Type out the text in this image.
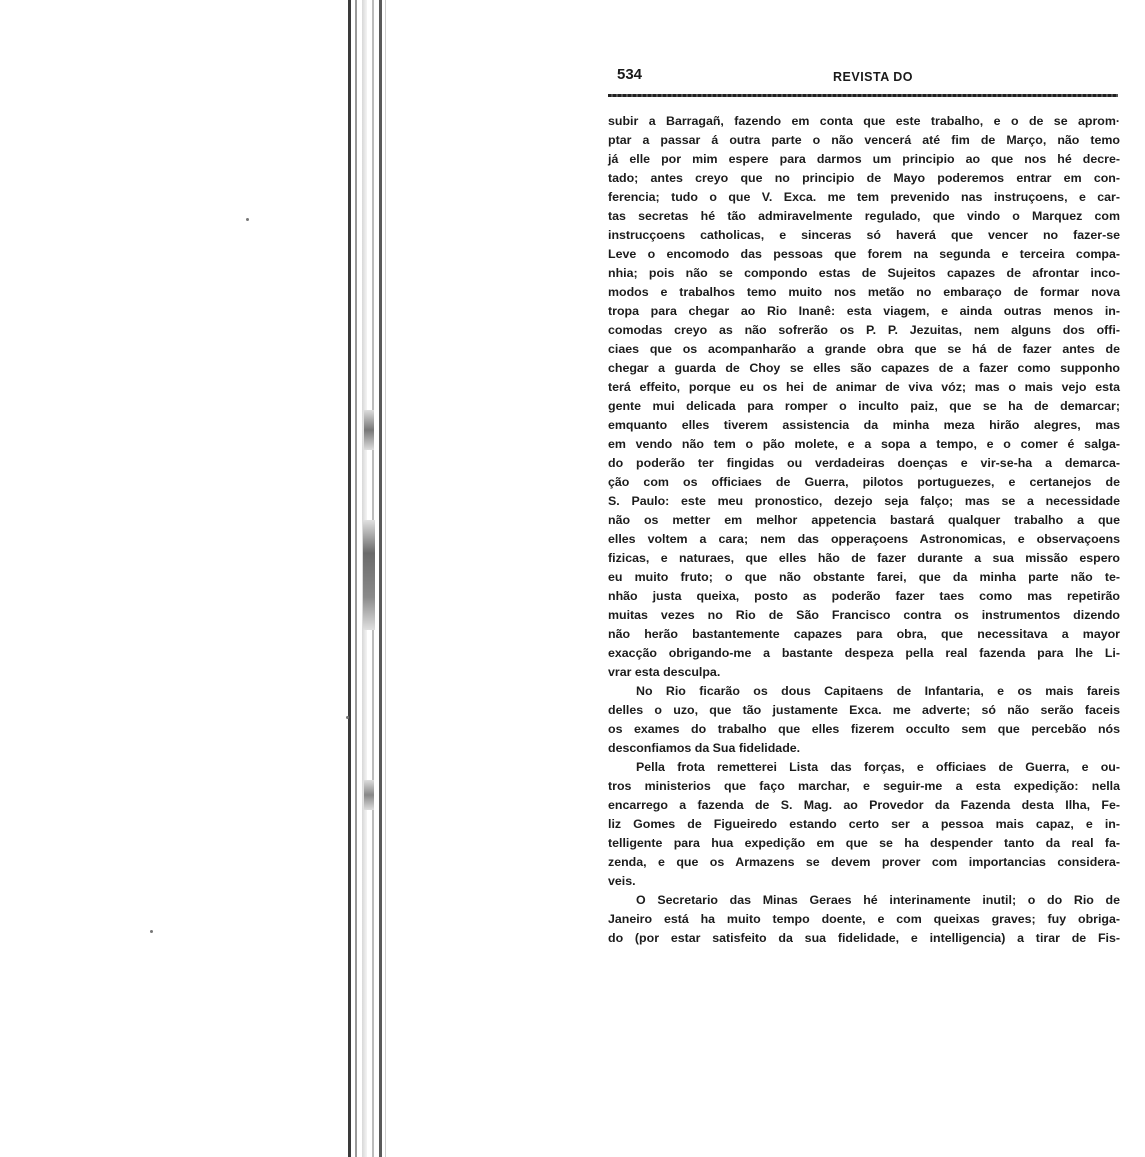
534	REVISTA DO
subir a Barragañ, fazendo em conta que este trabalho, e o de se aprom·
ptar a passar á outra parte o não vencerá até fim de Março, não temo
já elle por mim espere para darmos um principio ao que nos hé decre-
tado; antes creyo que no principio de Mayo poderemos entrar em con-
ferencia; tudo o que V. Exca. me tem prevenido nas instruçoens, e car-
tas secretas hé tão admiravelmente regulado, que vindo o Marquez com
instrucçoens catholicas, e sinceras só haverá que vencer no fazer-se
Leve o encomodo das pessoas que forem na segunda e terceira compa-
nhia; pois não se compondo estas de Sujeitos capazes de afrontar inco-
modos e trabalhos temo muito nos metão no embaraço de formar nova
tropa para chegar ao Rio Inanê: esta viagem, e ainda outras menos in-
comodas creyo as não sofrerão os P. P. Jezuitas, nem alguns dos offi-
ciaes que os acompanharão a grande obra que se há de fazer antes de
chegar a guarda de Choy se elles são capazes de a fazer como supponho
terá effeito, porque eu os hei de animar de viva vóz; mas o mais vejo esta
gente mui delicada para romper o inculto paiz, que se ha de demarcar;
emquanto elles tiverem assistencia da minha meza hirão alegres, mas
em vendo não tem o pão molete, e a sopa a tempo, e o comer é salga-
do poderão ter fingidas ou verdadeiras doenças e vir-se-ha a demarca-
ção com os officiaes de Guerra, pilotos portuguezes, e certanejos de
S. Paulo: este meu pronostico, dezejo seja falço; mas se a necessidade
não os metter em melhor appetencia bastará qualquer trabalho a que
elles voltem a cara; nem das opperaçoens Astronomicas, e observaçoens
fizicas, e naturaes, que elles hão de fazer durante a sua missão espero
eu muito fruto; o que não obstante farei, que da minha parte não te-
nhão justa queixa, posto as poderão fazer taes como mas repetirão
muitas vezes no Rio de São Francisco contra os instrumentos dizendo
não herão bastantemente capazes para obra, que necessitava a mayor
exacção obrigando-me a bastante despeza pella real fazenda para lhe Li-
vrar esta desculpa.
No Rio ficarão os dous Capitaens de Infantaria, e os mais fareis
delles o uzo, que tão justamente Exca. me adverte; só não serão faceis
os exames do trabalho que elles fizerem occulto sem que percebão nós
desconfiamos da Sua fidelidade.
Pella frota remetterei Lista das forças, e officiaes de Guerra, e ou-
tros ministerios que faço marchar, e seguir-me a esta expedição: nella
encarrego a fazenda de S. Mag. ao Provedor da Fazenda desta Ilha, Fe-
liz Gomes de Figueiredo estando certo ser a pessoa mais capaz, e in-
telligente para hua expedição em que se ha despender tanto da real fa-
zenda, e que os Armazens se devem prover com importancias considera-
veis.
O Secretario das Minas Geraes hé interinamente inutil; o do Rio de
Janeiro está ha muito tempo doente, e com queixas graves; fuy obriga-
do (por estar satisfeito da sua fidelidade, e intelligencia) a tirar de Fis-
